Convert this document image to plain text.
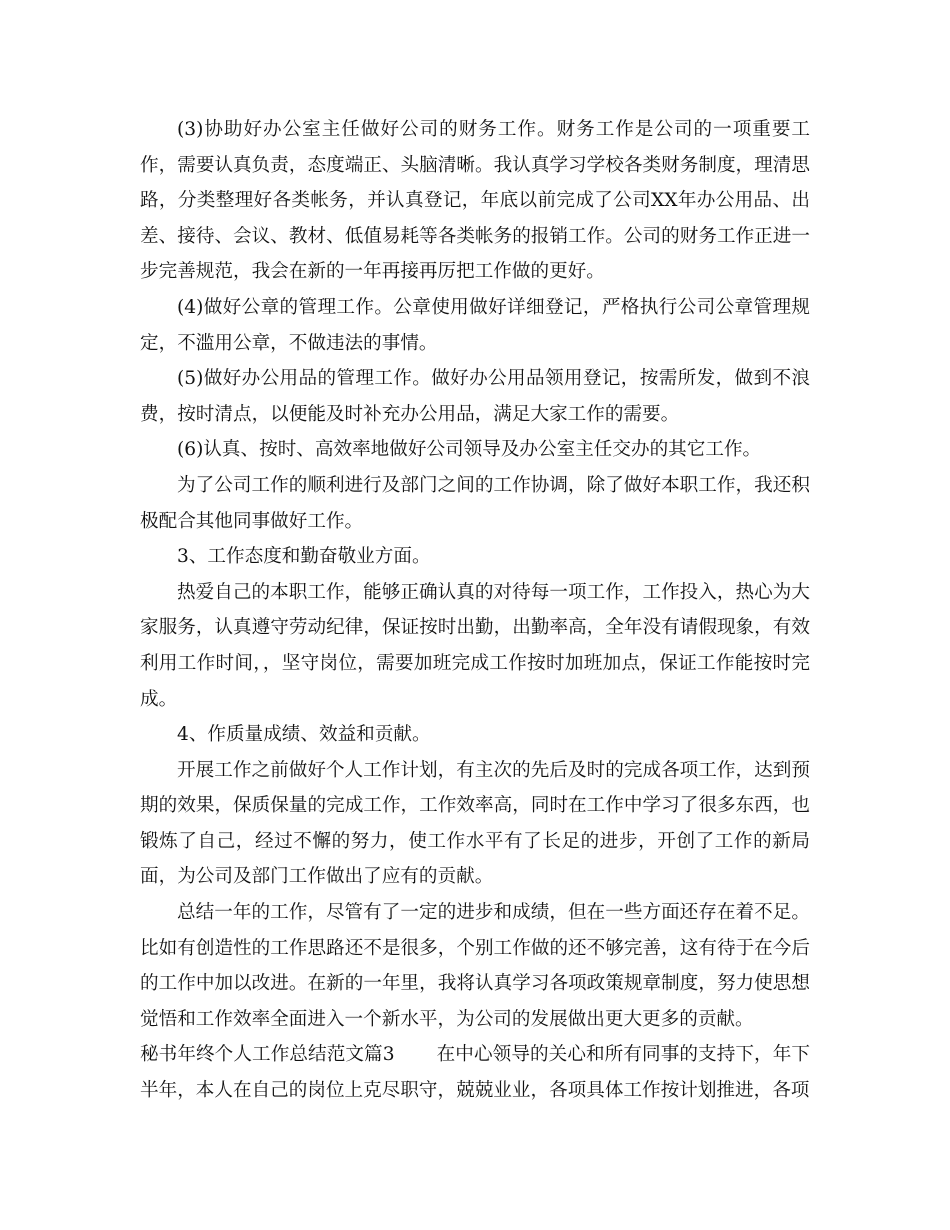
(3)协助好办公室主任做好公司的财务工作。财务工作是公司的一项重要工作，需要认真负责，态度端正、头脑清晰。我认真学习学校各类财务制度，理清思路，分类整理好各类帐务，并认真登记，年底以前完成了公司XX年办公用品、出差、接待、会议、教材、低值易耗等各类帐务的报销工作。公司的财务工作正进一步完善规范，我会在新的一年再接再厉把工作做的更好。

(4)做好公章的管理工作。公章使用做好详细登记，严格执行公司公章管理规定，不滥用公章，不做违法的事情。

(5)做好办公用品的管理工作。做好办公用品领用登记，按需所发，做到不浪费，按时清点，以便能及时补充办公用品，满足大家工作的需要。

(6)认真、按时、高效率地做好公司领导及办公室主任交办的其它工作。

为了公司工作的顺利进行及部门之间的工作协调，除了做好本职工作，我还积极配合其他同事做好工作。

3、工作态度和勤奋敬业方面。

热爱自己的本职工作，能够正确认真的对待每一项工作，工作投入，热心为大家服务，认真遵守劳动纪律，保证按时出勤，出勤率高，全年没有请假现象，有效利用工作时间，，坚守岗位，需要加班完成工作按时加班加点，保证工作能按时完成。

4、作质量成绩、效益和贡献。

开展工作之前做好个人工作计划，有主次的先后及时的完成各项工作，达到预期的效果，保质保量的完成工作，工作效率高，同时在工作中学习了很多东西，也锻炼了自己，经过不懈的努力，使工作水平有了长足的进步，开创了工作的新局面，为公司及部门工作做出了应有的贡献。

总结一年的工作，尽管有了一定的进步和成绩，但在一些方面还存在着不足。比如有创造性的工作思路还不是很多，个别工作做的还不够完善，这有待于在今后的工作中加以改进。在新的一年里，我将认真学习各项政策规章制度，努力使思想觉悟和工作效率全面进入一个新水平，为公司的发展做出更大更多的贡献。

秘书年终个人工作总结范文篇3 在中心领导的关心和所有同事的支持下，年下半年，本人在自己的岗位上克尽职守，兢兢业业，各项具体工作按计划推进，各项
